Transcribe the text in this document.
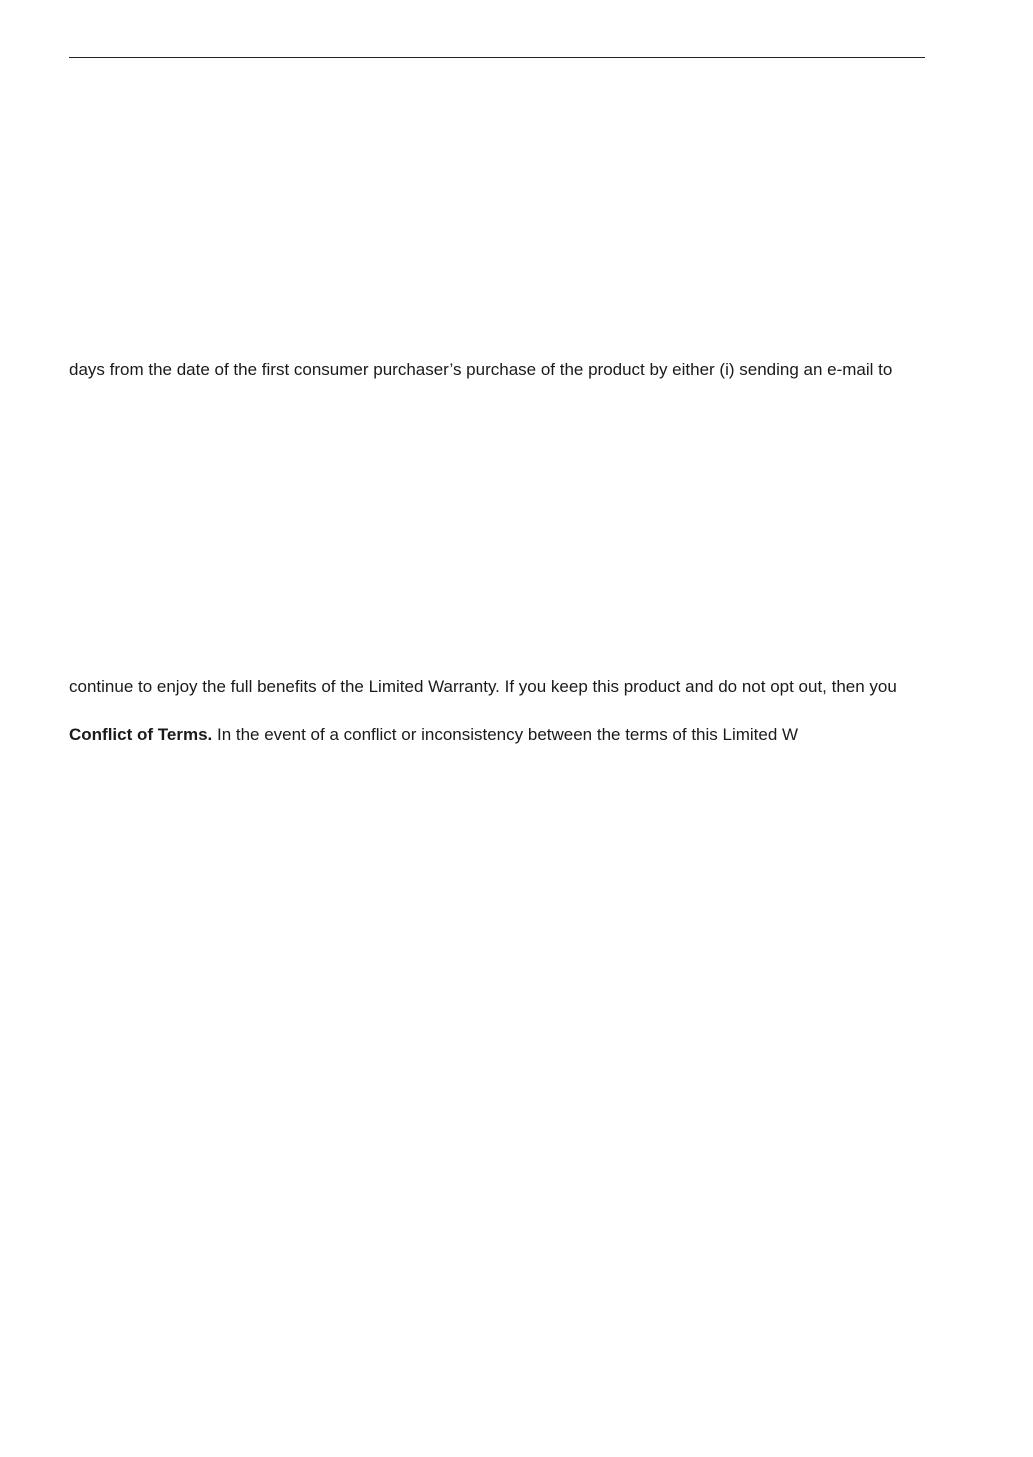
days from the date of the first consumer purchaser’s purchase of the product by either (i) sending an e-mail to

continue to enjoy the full benefits of the Limited Warranty. If you keep this product and do not opt out, then you

Conflict of Terms. In the event of a conflict or inconsistency between the terms of this Limited W
